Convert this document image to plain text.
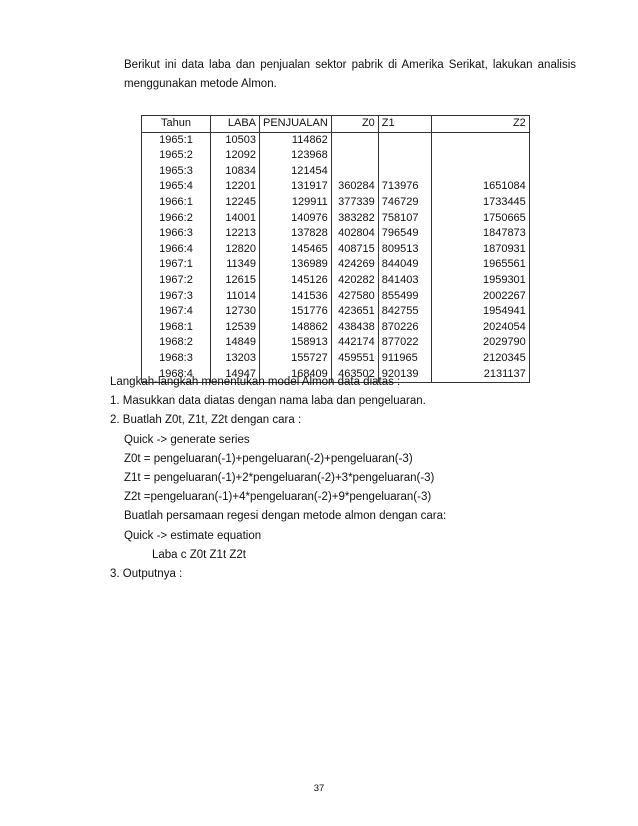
Berikut ini data laba dan penjualan sektor pabrik di Amerika Serikat, lakukan analisis menggunakan metode Almon.
Tahun	LABA	PENJUALAN	Z0	Z1	Z2
1965:1	10503	114862			
1965:2	12092	123968			
1965:3	10834	121454			
1965:4	12201	131917	360284	713976	1651084
1966:1	12245	129911	377339	746729	1733445
1966:2	14001	140976	383282	758107	1750665
1966:3	12213	137828	402804	796549	1847873
1966:4	12820	145465	408715	809513	1870931
1967:1	11349	136989	424269	844049	1965561
1967:2	12615	145126	420282	841403	1959301
1967:3	11014	141536	427580	855499	2002267
1967:4	12730	151776	423651	842755	1954941
1968:1	12539	148862	438438	870226	2024054
1968:2	14849	158913	442174	877022	2029790
1968:3	13203	155727	459551	911965	2120345
1968:4	14947	168409	463502	920139	2131137
Langkah-langkah menentukan model Almon data diatas :
1. Masukkan data diatas dengan nama laba dan pengeluaran.
2. Buatlah Z0t, Z1t, Z2t dengan cara :
Quick -> generate series
Z0t = pengeluaran(-1)+pengeluaran(-2)+pengeluaran(-3)
Z1t = pengeluaran(-1)+2*pengeluaran(-2)+3*pengeluaran(-3)
Z2t =pengeluaran(-1)+4*pengeluaran(-2)+9*pengeluaran(-3)
Buatlah persamaan regesi dengan metode almon dengan cara:
Quick -> estimate equation
Laba c Z0t Z1t Z2t
3. Outputnya :
37
